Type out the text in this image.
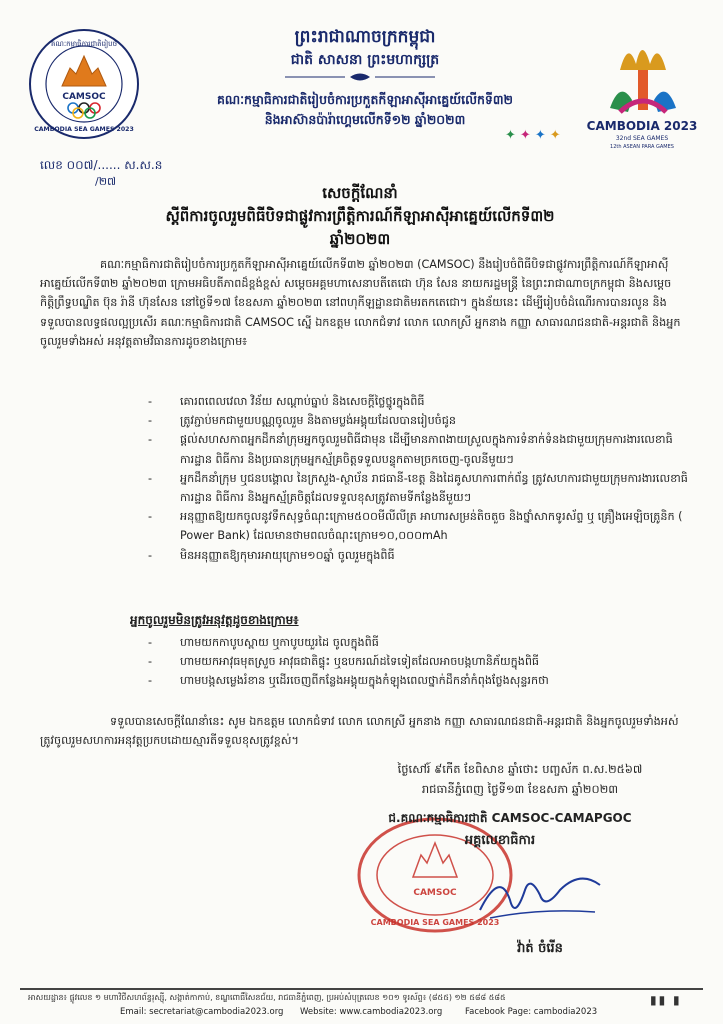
គណៈកម្មាធិការជាតិរៀបចំ
CAMSOC
CAMBODIA SEA GAMES 2023	CAMBODIA 2023
32nd SEA GAMES
12th ASEAN PARA GAMES
ព្រះរាជាណាចក្រកម្ពុជា
ជាតិ សាសនា ព្រះមហាក្សត្រ
គណៈកម្មាធិការជាតិរៀបចំការប្រកួតកីឡាអាស៊ីអាគ្នេយ៍លើកទី៣២
និងអាស៊ានប៉ារ៉ាហ្គេមលើកទី១២ ឆ្នាំ២០២៣
✦✦✦✦
លេខ ០០៧/...... ស.ស.ន
/២៧
សេចក្ដីណែនាំ
ស្ដីពីការចូលរួមពិធីបិទជាផ្លូវការព្រឹត្តិការណ៍កីឡាអាស៊ីអាគ្នេយ៍លើកទី៣២
ឆ្នាំ២០២៣
គណៈកម្មាធិការជាតិរៀបចំការប្រកួតកីឡាអាស៊ីអាគ្នេយ៍លើកទី៣២ ឆ្នាំ២០២៣ (CAMSOC) នឹងរៀបចំពិធីបិទជាផ្លូវការព្រឹត្តិការណ៍កីឡាអាស៊ីអាគ្នេយ៍លើកទី៣២ ឆ្នាំ២០២៣ ក្រោមអធិបតីភាពដ៏ខ្ពង់ខ្ពស់ សម្ដេចអគ្គមហាសេនាបតីតេជោ ហ៊ុន សែន នាយករដ្ឋមន្ត្រី នៃព្រះរាជាណាចក្រកម្ពុជា និងសម្ដេចកិត្តិព្រឹទ្ធបណ្ឌិត ប៊ុន រ៉ានី ហ៊ុនសែន នៅថ្ងៃទី១៧ ខែឧសភា ឆ្នាំ២០២៣ នៅពហុកីឡដ្ឋានជាតិមរតកតេជោ។ ក្នុងន័យនេះ ដើម្បីរៀបចំដំណើរការបានរលូន និងទទួលបានលទ្ធផលល្អប្រសើរ គណៈកម្មាធិការជាតិ CAMSOC ស្នើ ឯកឧត្តម លោកជំទាវ លោក លោកស្រី អ្នកនាង កញ្ញា សាធារណជនជាតិ-អន្តរជាតិ និងអ្នកចូលរួមទាំងអស់ អនុវត្តតាមវិធានការដូចខាងក្រោម៖
- គោរពពេលវេលា វិន័យ សណ្ដាប់ធ្នាប់ និងសេចក្ដីថ្លៃថ្នូរក្នុងពិធី
- ត្រូវភ្ជាប់មកជាមួយបណ្ណចូលរួម និងតាមប្លង់អង្គុយដែលបានរៀបចំជូន
- ផ្ដល់សហសកាពអ្នកដឹកនាំក្រុមអ្នកចូលរួមពិធីជាមុន ដើម្បីមានភាពងាយស្រួលក្នុងការទំនាក់ទំនងជាមួយក្រុមការងារលេខាធិការដ្ឋាន ពិធីការ និងប្រធានក្រុមអ្នកស្ម័គ្រចិត្តទទួលបន្ទុកតាមច្រកចេញ-ចូលនីមួយៗ
- អ្នកដឹកនាំក្រុម ឬជនបង្គោល នៃក្រសួង-ស្ថាប័ន រាជធានី-ខេត្ត និងដៃគូសហការពាក់ព័ន្ធ ត្រូវសហការជាមួយក្រុមការងារលេខាធិការដ្ឋាន ពិធីការ និងអ្នកស្ម័គ្រចិត្តដែលទទួលខុសត្រូវតាមទីកន្លែងនីមួយៗ
- អនុញ្ញាតឱ្យយកចូលនូវទឹកសុទ្ធចំណុះក្រោម៥០០មីលីលីត្រ អាហារសម្រន់តិចតួច និងថ្នាំសាកទូរស័ព្ទ ឬ គ្រឿងអេឡិចត្រូនិក ( Power Bank) ដែលមានថាមពលចំណុះក្រោម១០,០០០mAh
- មិនអនុញ្ញាតឱ្យកុមារអាយុក្រោម១០ឆ្នាំ ចូលរួមក្នុងពិធី
អ្នកចូលរួមមិនត្រូវអនុវត្តដូចខាងក្រោម៖
- ហាមយកកាបូបស្ពាយ ឬកាបូបយួរដៃ ចូលក្នុងពិធី
- ហាមយកអាវុធមុតស្រួច អាវុធជាតិផ្ទុះ ឬឧបករណ៍ដទៃទៀតដែលអាចបង្កហានិភ័យក្នុងពិធី
- ហាមបង្កសម្លេងរំខាន ឬដើរចេញពីកន្លែងអង្គុយក្នុងកំឡុងពេលថ្នាក់ដឹកនាំកំពុងថ្លែងសុន្ទរកថា
ទទួលបានសេចក្ដីណែនាំនេះ សូម ឯកឧត្តម លោកជំទាវ លោក លោកស្រី អ្នកនាង កញ្ញា សាធារណជនជាតិ-អន្តរជាតិ និងអ្នកចូលរួមទាំងអស់ ត្រូវចូលរួមសហការអនុវត្តប្រកបដោយស្មារតីទទួលខុសត្រូវខ្ពស់។
ថ្ងៃសៅរ៍ ៩កើត ខែពិសាខ ឆ្នាំថោះ បញ្ចស័ក ព.ស.២៥៦៧
រាជធានីភ្នំពេញ ថ្ងៃទី១៣ ខែឧសភា ឆ្នាំ២០២៣
CAMSOC
CAMBODIA SEA GAMES 2023
ជ.គណៈកម្មាធិការជាតិ CAMSOC-CAMAPGOC
អគ្គលេខាធិការ
វ៉ាត់ ចំរើន
អាសយដ្ឋាន៖ ផ្លូវលេខ ១ មហាវិថីសហព័ន្ធរុស្ស៊ី, សង្កាត់កាកាប់, ខណ្ឌពោធិ៍សែនជ័យ, រាជធានីភ្នំពេញ, ប្រអប់សំបុត្រលេខ ១០១ ទូរស័ព្ទ៖ (៨៥៥) ១២ ៥៨៨ ៥៨៥
Email: secretariat@cambodia2023.org Website: www.cambodia2023.org	Facebook Page: cambodia2023
▮▮ ▮
